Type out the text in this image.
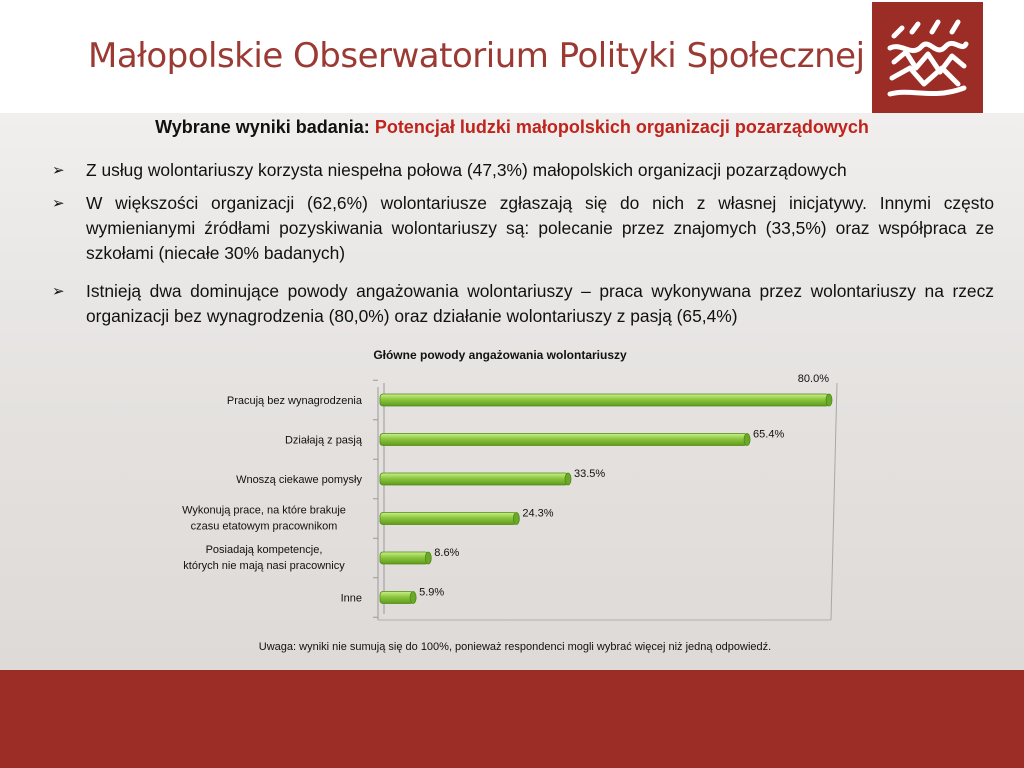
Małopolskie Obserwatorium Polityki Społecznej
Wybrane wyniki badania: Potencjał ludzki małopolskich organizacji pozarządowych
➢ Z usług wolontariuszy korzysta niespełna połowa (47,3%) małopolskich organizacji pozarządowych
➢ W większości organizacji (62,6%) wolontariusze zgłaszają się do nich z własnej inicjatywy. Innymi często wymienianymi źródłami pozyskiwania wolontariuszy są: polecanie przez znajomych (33,5%) oraz współpraca ze szkołami (niecałe 30% badanych)
➢ Istnieją dwa dominujące powody angażowania wolontariuszy – praca wykonywana przez wolontariuszy na rzecz organizacji bez wynagrodzenia (80,0%) oraz działanie wolontariuszy z pasją (65,4%)
Główne powody angażowania wolontariuszy
80.0%
Pracują bez wynagrodzenia
65.4%
Działają z pasją
33.5%
Wnoszą ciekawe pomysły
24.3%
Wykonują prace, na które brakuje
czasu etatowym pracownikom
8.6%
Posiadają kompetencje,
których nie mają nasi pracownicy
5.9%
Inne
Uwaga: wyniki nie sumują się do 100%, ponieważ respondenci mogli wybrać więcej niż jedną odpowiedź.
